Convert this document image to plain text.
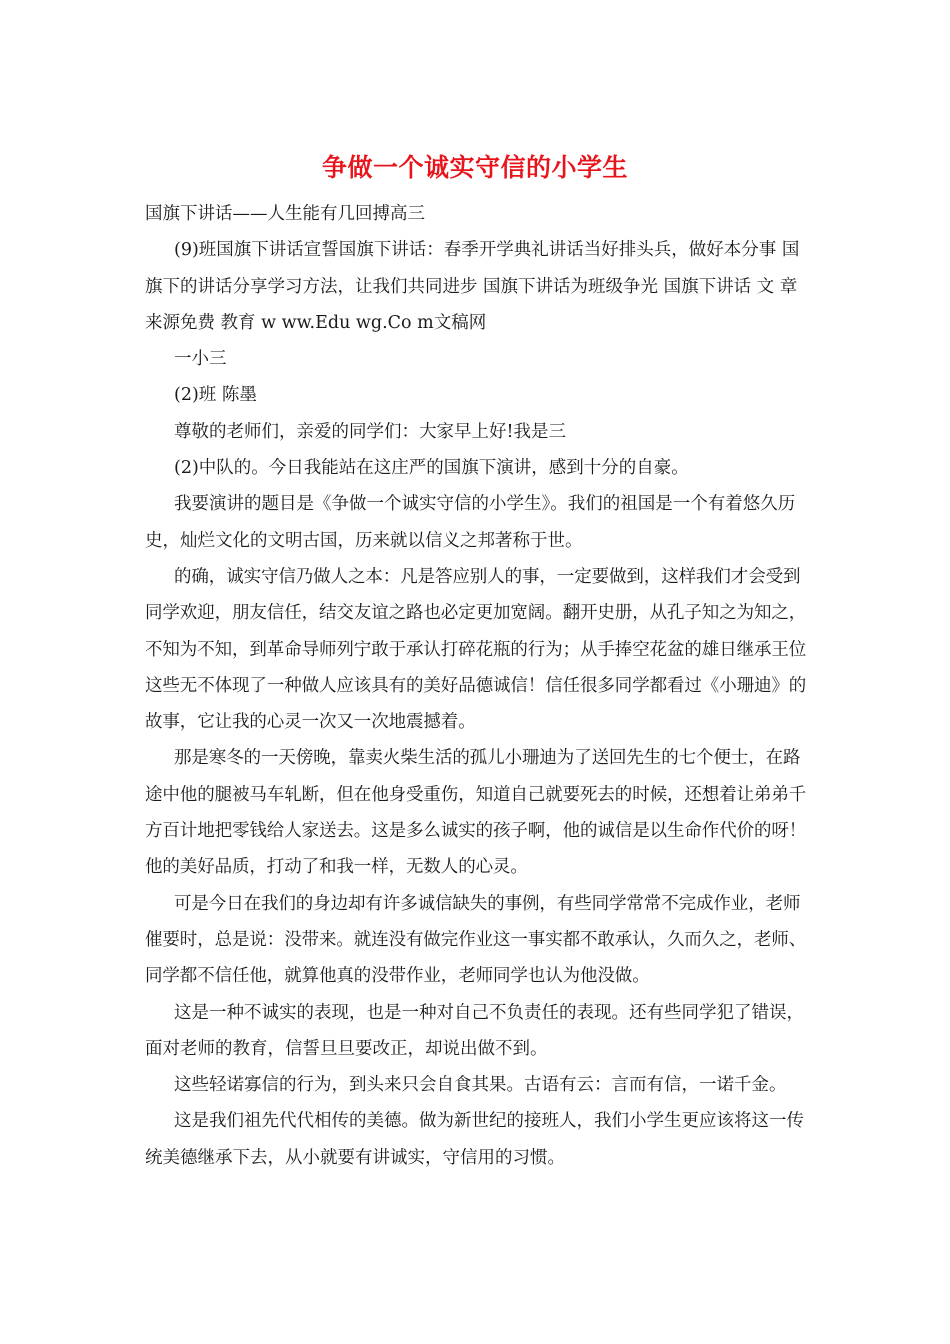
争做一个诚实守信的小学生

国旗下讲话——人生能有几回搏高三

(9)班国旗下讲话宣誓国旗下讲话：春季开学典礼讲话当好排头兵，做好本分事 国旗下的讲话分享学习方法，让我们共同进步 国旗下讲话为班级争光 国旗下讲话 文 章来源免费 教育 w ww.Edu wg.Co m文稿网

一小三

(2)班 陈墨

尊敬的老师们，亲爱的同学们：大家早上好!我是三

(2)中队的。今日我能站在这庄严的国旗下演讲，感到十分的自豪。

我要演讲的题目是《争做一个诚实守信的小学生》。我们的祖国是一个有着悠久历史，灿烂文化的文明古国，历来就以信义之邦著称于世。

的确，诚实守信乃做人之本：凡是答应别人的事，一定要做到，这样我们才会受到同学欢迎，朋友信任，结交友谊之路也必定更加宽阔。翻开史册，从孔子知之为知之，不知为不知，到革命导师列宁敢于承认打碎花瓶的行为；从手捧空花盆的雄日继承王位这些无不体现了一种做人应该具有的美好品德诚信！信任很多同学都看过《小珊迪》的故事，它让我的心灵一次又一次地震撼着。

那是寒冬的一天傍晚，靠卖火柴生活的孤儿小珊迪为了送回先生的七个便士，在路途中他的腿被马车轧断，但在他身受重伤，知道自己就要死去的时候，还想着让弟弟千方百计地把零钱给人家送去。这是多么诚实的孩子啊，他的诚信是以生命作代价的呀！他的美好品质，打动了和我一样，无数人的心灵。

可是今日在我们的身边却有许多诚信缺失的事例，有些同学常常不完成作业，老师催要时，总是说：没带来。就连没有做完作业这一事实都不敢承认，久而久之，老师、同学都不信任他，就算他真的没带作业，老师同学也认为他没做。

这是一种不诚实的表现，也是一种对自己不负责任的表现。还有些同学犯了错误，面对老师的教育，信誓旦旦要改正，却说出做不到。

这些轻诺寡信的行为，到头来只会自食其果。古语有云：言而有信，一诺千金。

这是我们祖先代代相传的美德。做为新世纪的接班人，我们小学生更应该将这一传统美德继承下去，从小就要有讲诚实，守信用的习惯。
